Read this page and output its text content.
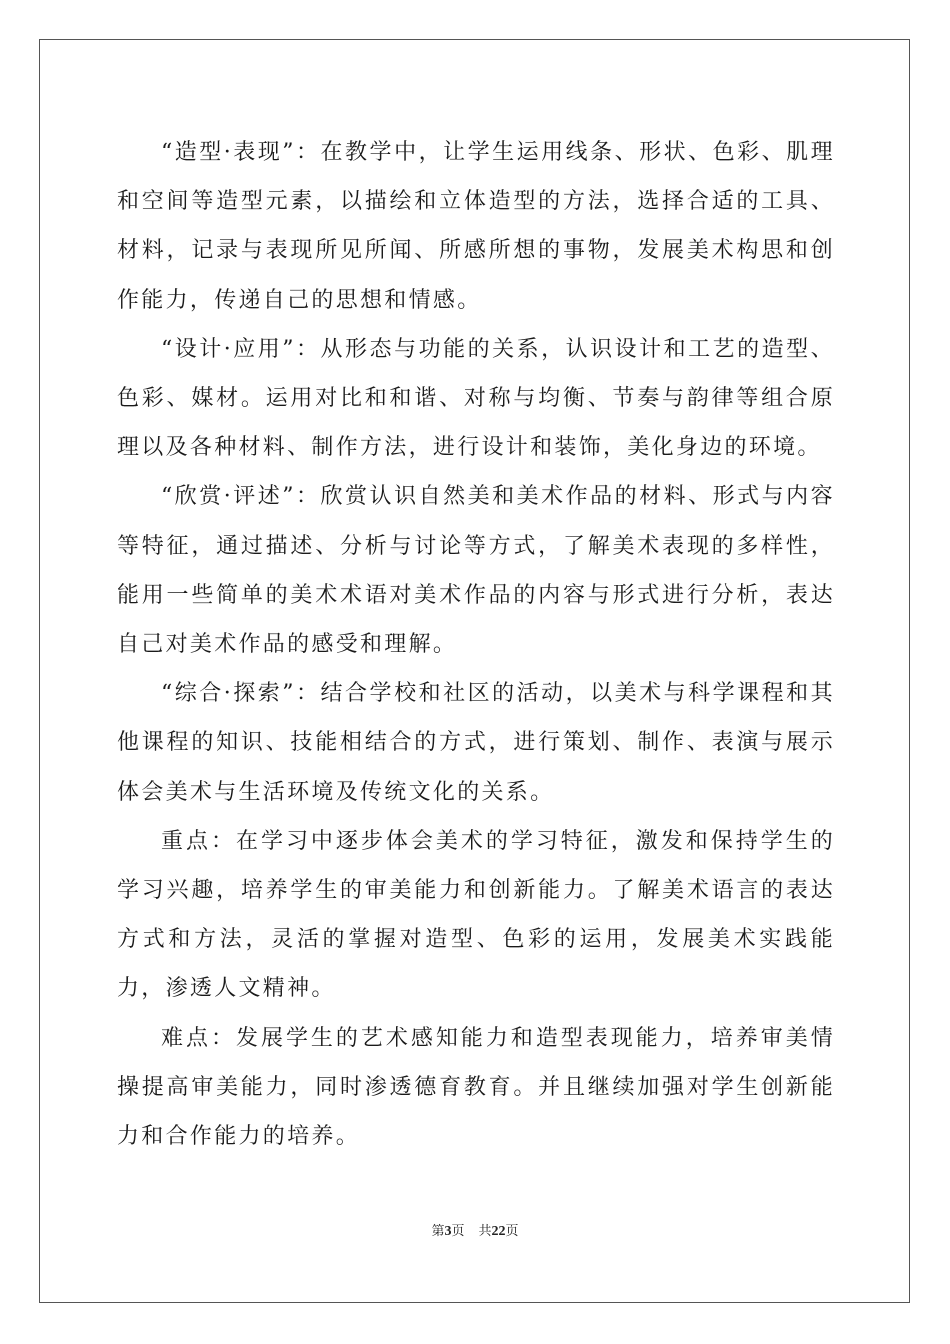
“造型·表现”：在教学中，让学生运用线条、形状、色彩、肌理和空间等造型元素，以描绘和立体造型的方法，选择合适的工具、材料，记录与表现所见所闻、所感所想的事物，发展美术构思和创作能力，传递自己的思想和情感。

“设计·应用”：从形态与功能的关系，认识设计和工艺的造型、色彩、媒材。运用对比和和谐、对称与均衡、节奏与韵律等组合原理以及各种材料、制作方法，进行设计和装饰，美化身边的环境。

“欣赏·评述”：欣赏认识自然美和美术作品的材料、形式与内容等特征，通过描述、分析与讨论等方式，了解美术表现的多样性，能用一些简单的美术术语对美术作品的内容与形式进行分析，表达自己对美术作品的感受和理解。

“综合·探索”：结合学校和社区的活动，以美术与科学课程和其他课程的知识、技能相结合的方式，进行策划、制作、表演与展示体会美术与生活环境及传统文化的关系。

重点：在学习中逐步体会美术的学习特征，激发和保持学生的学习兴趣，培养学生的审美能力和创新能力。了解美术语言的表达方式和方法，灵活的掌握对造型、色彩的运用，发展美术实践能力，渗透人文精神。

难点：发展学生的艺术感知能力和造型表现能力，培养审美情操提高审美能力，同时渗透德育教育。并且继续加强对学生创新能力和合作能力的培养。

第3页 共22页
